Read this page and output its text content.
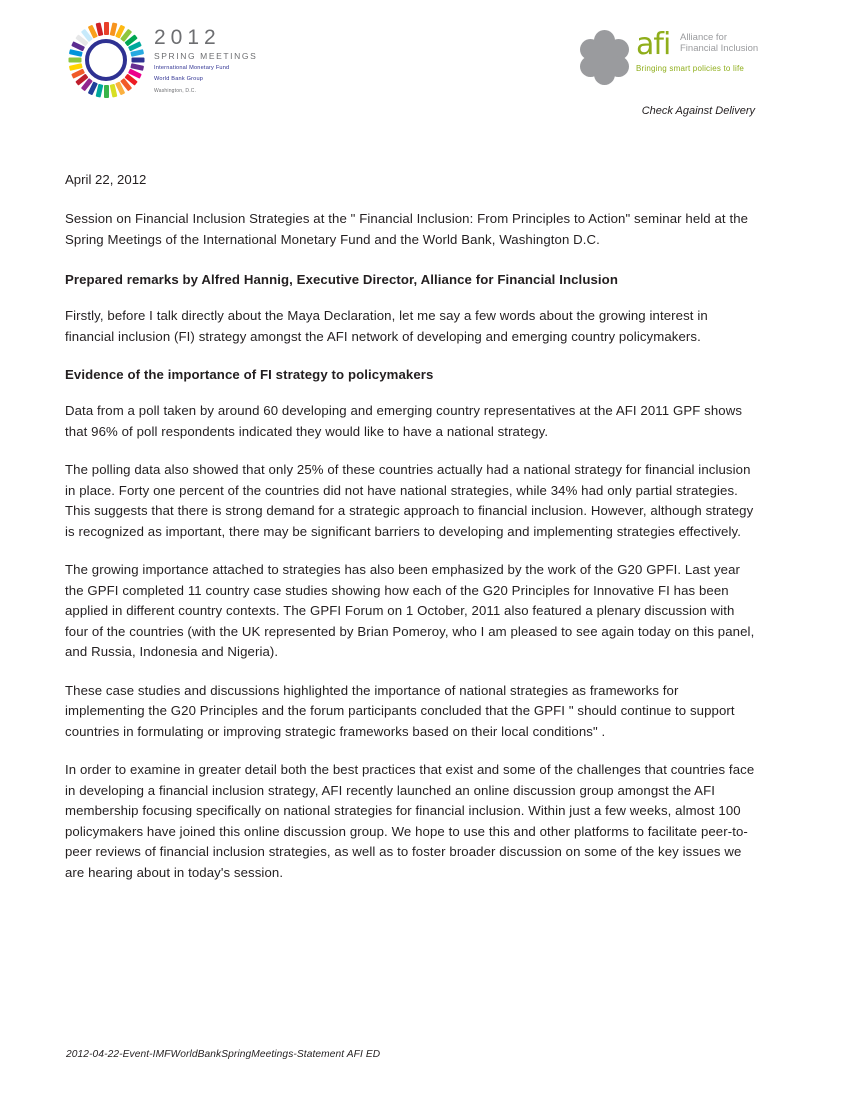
2012
SPRING MEETINGS
International Monetary Fund
World Bank Group
Washington, D.C.
afi Alliance for
Financial Inclusion
Bringing smart policies to life
Check Against Delivery
April 22, 2012

Session on Financial Inclusion Strategies at the " Financial Inclusion: From Principles to Action" seminar held at the Spring Meetings of the International Monetary Fund and the World Bank, Washington D.C.

Prepared remarks by Alfred Hannig, Executive Director, Alliance for Financial Inclusion

Firstly, before I talk directly about the Maya Declaration, let me say a few words about the growing interest in financial inclusion (FI) strategy amongst the AFI network of developing and emerging country policymakers.

Evidence of the importance of FI strategy to policymakers

Data from a poll taken by around 60 developing and emerging country representatives at the AFI 2011 GPF shows that 96% of poll respondents indicated they would like to have a national strategy.

The polling data also showed that only 25% of these countries actually had a national strategy for financial inclusion in place. Forty one percent of the countries did not have national strategies, while 34% had only partial strategies. This suggests that there is strong demand for a strategic approach to financial inclusion. However, although strategy is recognized as important, there may be significant barriers to developing and implementing strategies effectively.

The growing importance attached to strategies has also been emphasized by the work of the G20 GPFI. Last year the GPFI completed 11 country case studies showing how each of the G20 Principles for Innovative FI has been applied in different country contexts. The GPFI Forum on 1 October, 2011 also featured a plenary discussion with four of the countries (with the UK represented by Brian Pomeroy, who I am pleased to see again today on this panel, and Russia, Indonesia and Nigeria).

These case studies and discussions highlighted the importance of national strategies as frameworks for implementing the G20 Principles and the forum participants concluded that the GPFI " should continue to support countries in formulating or improving strategic frameworks based on their local conditions" .

In order to examine in greater detail both the best practices that exist and some of the challenges that countries face in developing a financial inclusion strategy, AFI recently launched an online discussion group amongst the AFI membership focusing specifically on national strategies for financial inclusion. Within just a few weeks, almost 100 policymakers have joined this online discussion group. We hope to use this and other platforms to facilitate peer-to-peer reviews of financial inclusion strategies, as well as to foster broader discussion on some of the key issues we are hearing about in today's session.

2012-04-22-Event-IMFWorldBankSpringMeetings-Statement AFI ED
